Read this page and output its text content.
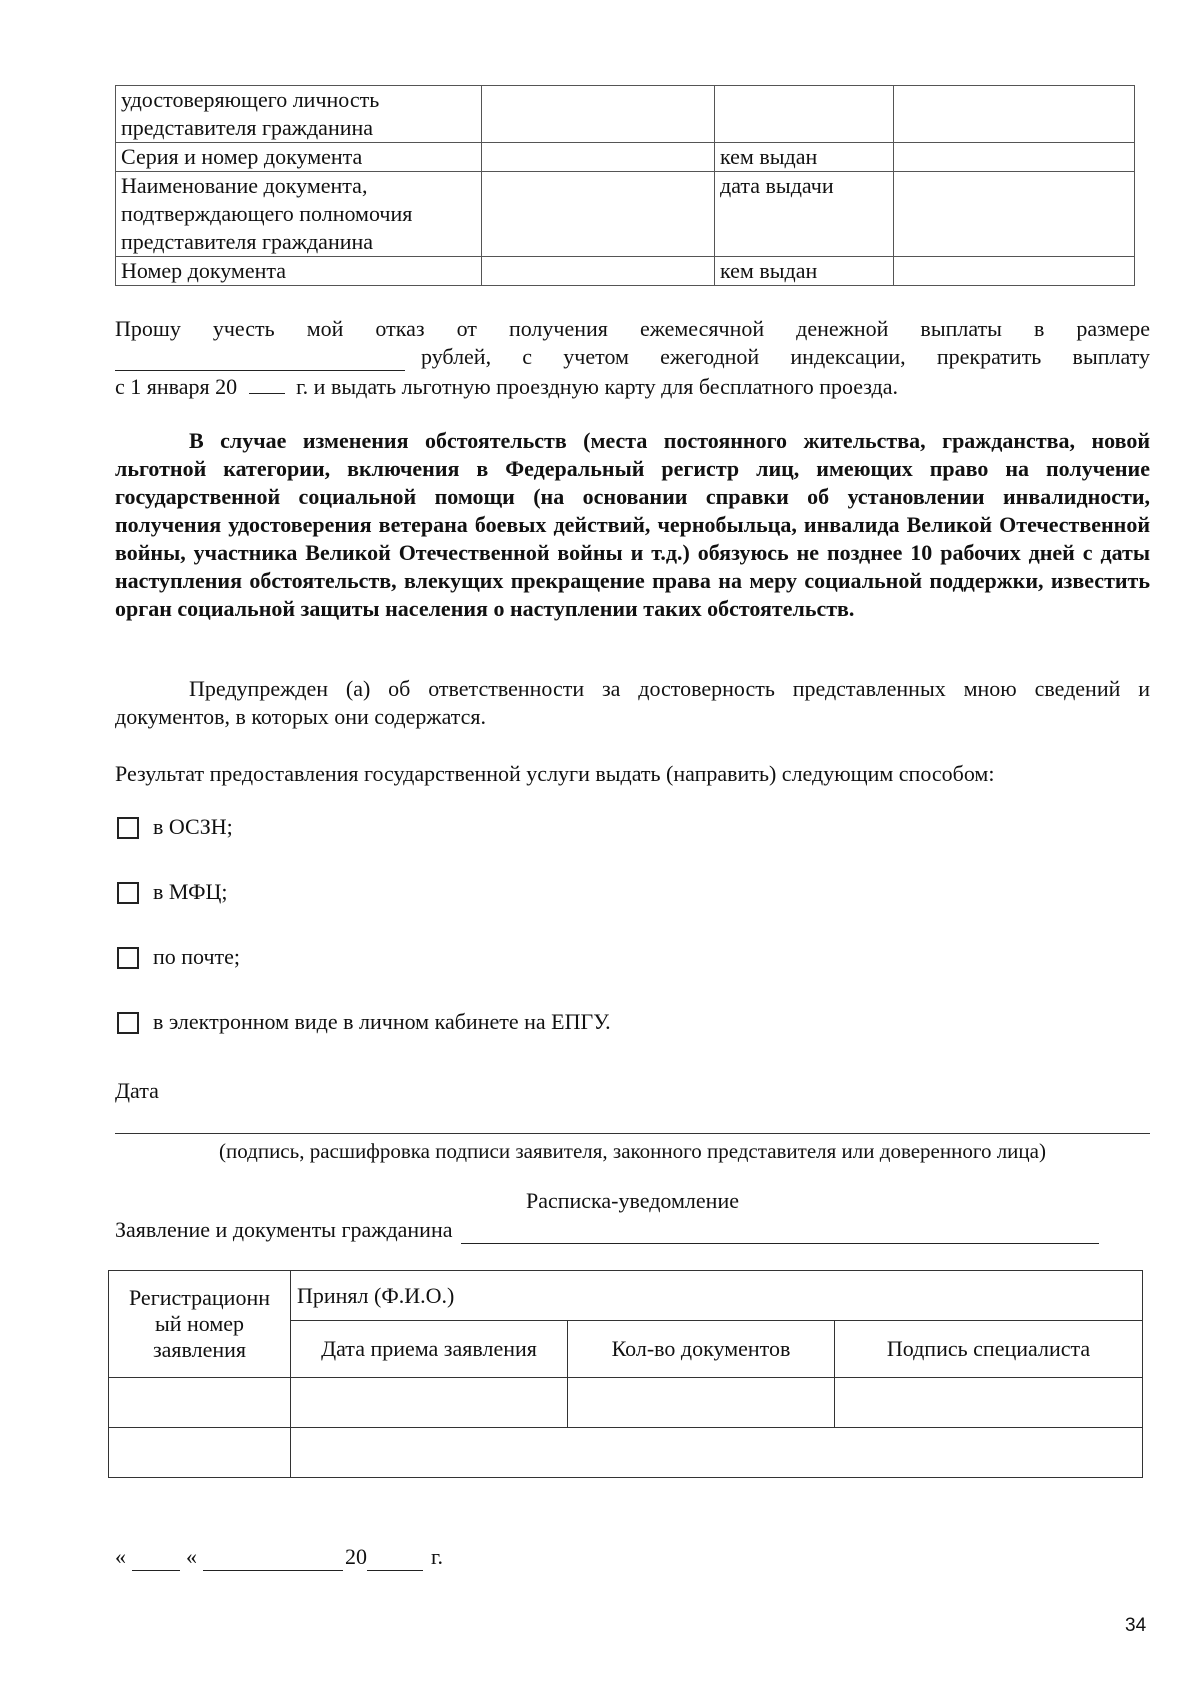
удостоверяющего личность
представителя гражданина			

Серия и номер документа		кем выдан	

Наименование документа,
подтверждающего полномочия
представителя гражданина		дата выдачи	
Номер документа		кем выдан	
Прошу учесть мой отказ от получения ежемесячной денежной выплаты в размере
рублей, с учетом ежегодной индексации, прекратить выплату
с 1 января 20	г. и выдать льготную проездную карту для бесплатного проезда.
В случае изменения обстоятельств (места постоянного жительства, гражданства, новой льготной категории, включения в Федеральный регистр лиц, имеющих право на получение государственной социальной помощи (на основании справки об установлении инвалидности, получения удостоверения ветерана боевых действий, чернобыльца, инвалида Великой Отечественной войны, участника Великой Отечественной войны и т.д.) обязуюсь не позднее 10 рабочих дней с даты наступления обстоятельств, влекущих прекращение права на меру социальной поддержки, известить орган социальной защиты населения о наступлении таких обстоятельств.
Предупрежден (а) об ответственности за достоверность представленных мною сведений и документов, в которых они содержатся.
Результат предоставления государственной услуги выдать (направить) следующим способом:
в ОСЗН;
в МФЦ;
по почте;
в электронном виде в личном кабинете на ЕПГУ.
Дата
(подпись, расшифровка подписи заявителя, законного представителя или доверенного лица)
Расписка-уведомление
Заявление и документы гражданина
Регистрационн
ый номер
заявления	Принял (Ф.И.О.)		
	Дата приема заявления	Кол-во документов	Подпись специалиста

«	«	20	г.
34
